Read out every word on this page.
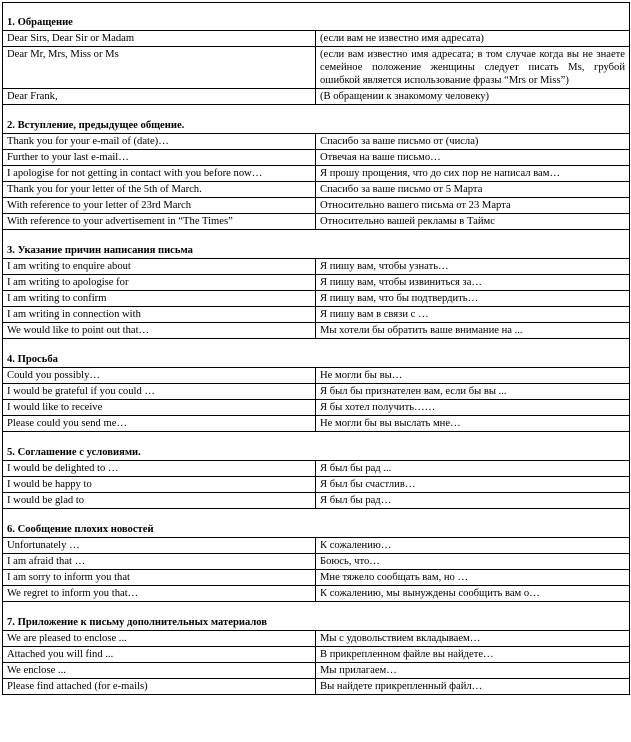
1. Обращение	
Dear Sirs, Dear Sir or Madam	(если вам не известно имя адресата)
Dear Mr, Mrs, Miss or Ms	(если вам известно имя адресата; в том случае когда вы не знаете семейное положение женщины следует писать Ms, грубой ошибкой является использование фразы “Mrs or Miss”)
Dear Frank,	(В обращении к знакомому человеку)
2. Вступление, предыдущее общение.	
Thank you for your e-mail of (date)…	Спасибо за ваше письмо от (числа)
Further to your last e-mail…	Отвечая на ваше письмо…
I apologise for not getting in contact with you before now…	Я прошу прощения, что до сих пор не написал вам…
Thank you for your letter of the 5th of March.	Спасибо за ваше письмо от 5 Марта
With reference to your letter of 23rd March	Относительно вашего письма от 23 Марта
With reference to your advertisement in “The Times”	Относительно вашей рекламы в Таймс
3. Указание причин написания письма	
I am writing to enquire about	Я пишу вам, чтобы узнать…
I am writing to apologise for	Я пишу вам, чтобы извиниться за…
I am writing to confirm	Я пишу вам, что бы подтвердить…
I am writing in connection with	Я пишу вам в связи с …
We would like to point out that…	Мы хотели бы обратить ваше внимание на ...
4. Просьба	
Could you possibly…	Не могли бы вы…
I would be grateful if you could …	Я был бы признателен вам, если бы вы ...
I would like to receive	Я бы хотел получить……
Please could you send me…	Не могли бы вы выслать мне…
5. Соглашение с условиями.	
I would be delighted to …	Я был бы рад ...
I would be happy to	Я был бы счастлив…
I would be glad to	Я был бы рад…
6. Сообщение плохих новостей	
Unfortunately …	К сожалению…
I am afraid that …	Боюсь, что…
I am sorry to inform you that	Мне тяжело сообщать вам, но …
We regret to inform you that…	К сожалению, мы вынуждены сообщить вам о…
7. Приложение к письму дополнительных материалов	
We are pleased to enclose ...	Мы с удовольствием вкладываем…
Attached you will find ...	В прикрепленном файле вы найдете…
We enclose ...	Мы прилагаем…
Please find attached (for e-mails)	Вы найдете прикрепленный файл…
